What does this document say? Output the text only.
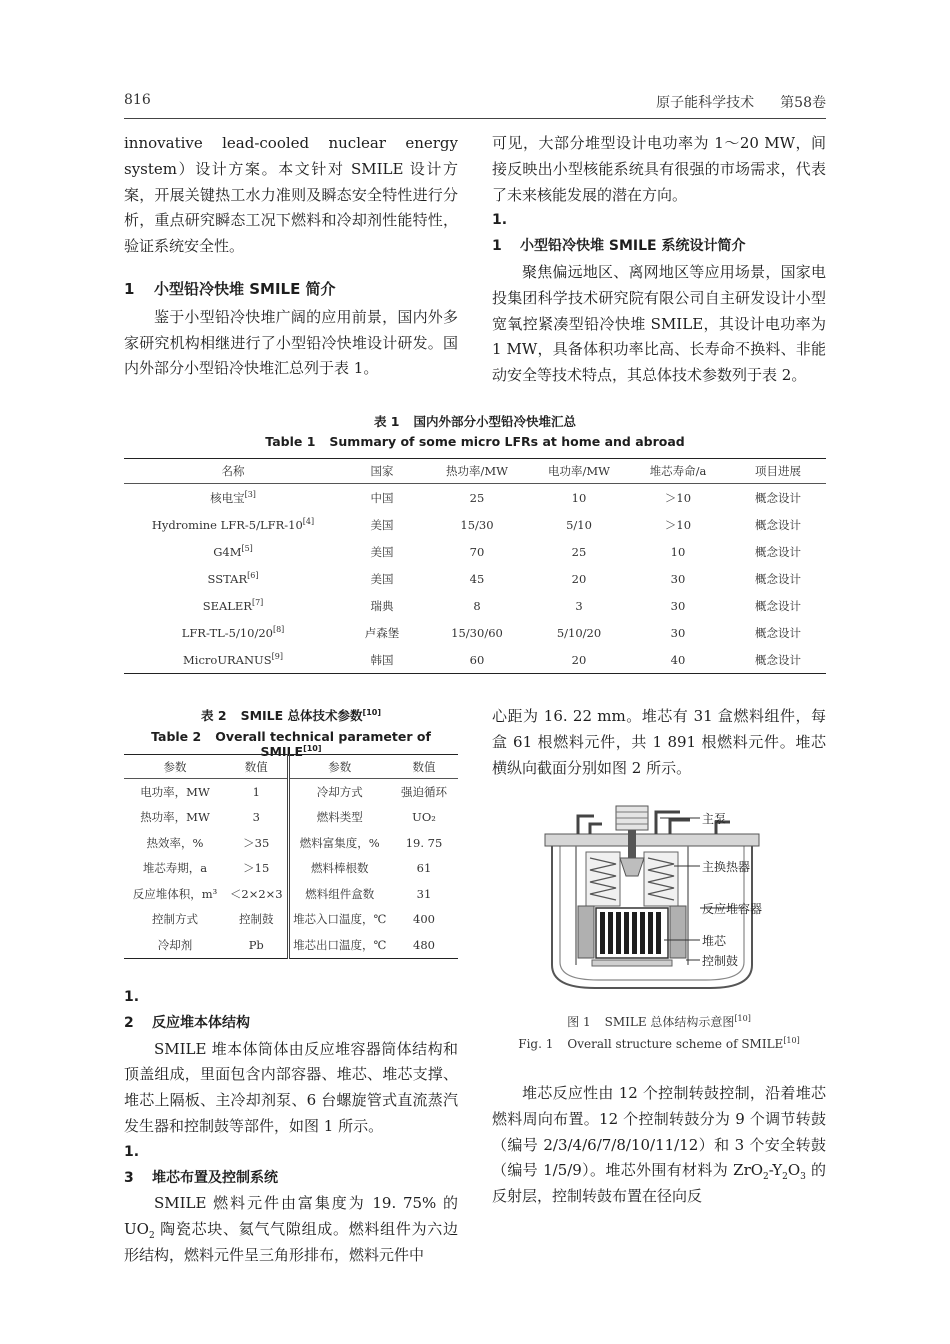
816	原子能科学技术 第58卷

innovative lead-cooled nuclear energy system）设计方案。本文针对 SMILE 设计方案，开展关键热工水力准则及瞬态安全特性进行分析，重点研究瞬态工况下燃料和冷却剂性能特性，验证系统安全性。

1 小型铅冷快堆 SMILE 简介

鉴于小型铅冷快堆广阔的应用前景，国内外多家研究机构相继进行了小型铅冷快堆设计研发。国内外部分小型铅冷快堆汇总列于表 1。

可见，大部分堆型设计电功率为 1～20 MW，间接反映出小型核能系统具有很强的市场需求，代表了未来核能发展的潜在方向。

1. 1 小型铅冷快堆 SMILE 系统设计简介

聚焦偏远地区、离网地区等应用场景，国家电投集团科学技术研究院有限公司自主研发设计小型宽氧控紧凑型铅冷快堆 SMILE，其设计电功率为 1 MW，具备体积功率比高、长寿命不换料、非能动安全等技术特点，其总体技术参数列于表 2。

表 1 国内外部分小型铅冷快堆汇总
Table 1 Summary of some micro LFRs at home and abroad
名称	国家	热功率/MW	电功率/MW	堆芯寿命/a	项目进展
核电宝[3]	中国	25	10	＞10	概念设计
Hydromine LFR-5/LFR-10[4]	美国	15/30	5/10	＞10	概念设计
G4M[5]	美国	70	25	10	概念设计
SSTAR[6]	美国	45	20	30	概念设计
SEALER[7]	瑞典	8	3	30	概念设计
LFR-TL-5/10/20[8]	卢森堡	15/30/60	5/10/20	30	概念设计
MicroURANUS[9]	韩国	60	20	40	概念设计
表 2 SMILE 总体技术参数[10]
Table 2 Overall technical parameter of SMILE[10]
参数	数值	参数	数值
电功率，MW	1	冷却方式	强迫循环
热功率，MW	3	燃料类型	UO₂
热效率，%	＞35	燃料富集度，%	19. 75
堆芯寿期，a	＞15	燃料棒根数	61
反应堆体积，m³	＜2×2×3	燃料组件盒数	31
控制方式	控制鼓	堆芯入口温度，℃	400
冷却剂	Pb	堆芯出口温度，℃	480

1. 2 反应堆本体结构

SMILE 堆本体筒体由反应堆容器筒体结构和顶盖组成，里面包含内部容器、堆芯、堆芯支撑、堆芯上隔板、主冷却剂泵、6 台螺旋管式直流蒸汽发生器和控制鼓等部件，如图 1 所示。

1. 3 堆芯布置及控制系统

SMILE 燃料元件由富集度为 19. 75% 的 $UO_2$ 陶瓷芯块、氦气气隙组成。燃料组件为六边形结构，燃料元件呈三角形排布，燃料元件中

心距为 16. 22 mm。堆芯有 31 盒燃料组件，每盒 61 根燃料元件，共 1 891 根燃料元件。堆芯横纵向截面分别如图 2 所示。

主泵
主换热器
反应堆容器
堆芯
控制鼓
图 1 SMILE 总体结构示意图[10]
Fig. 1 Overall structure scheme of SMILE[10]

堆芯反应性由 12 个控制转鼓控制，沿着堆芯燃料周向布置。12 个控制转鼓分为 9 个调节转鼓（编号 2/3/4/6/7/8/10/11/12）和 3 个安全转鼓（编号 1/5/9）。堆芯外围有材料为 $ZrO_2-Y_2O_3$ 的反射层，控制转鼓布置在径向反
